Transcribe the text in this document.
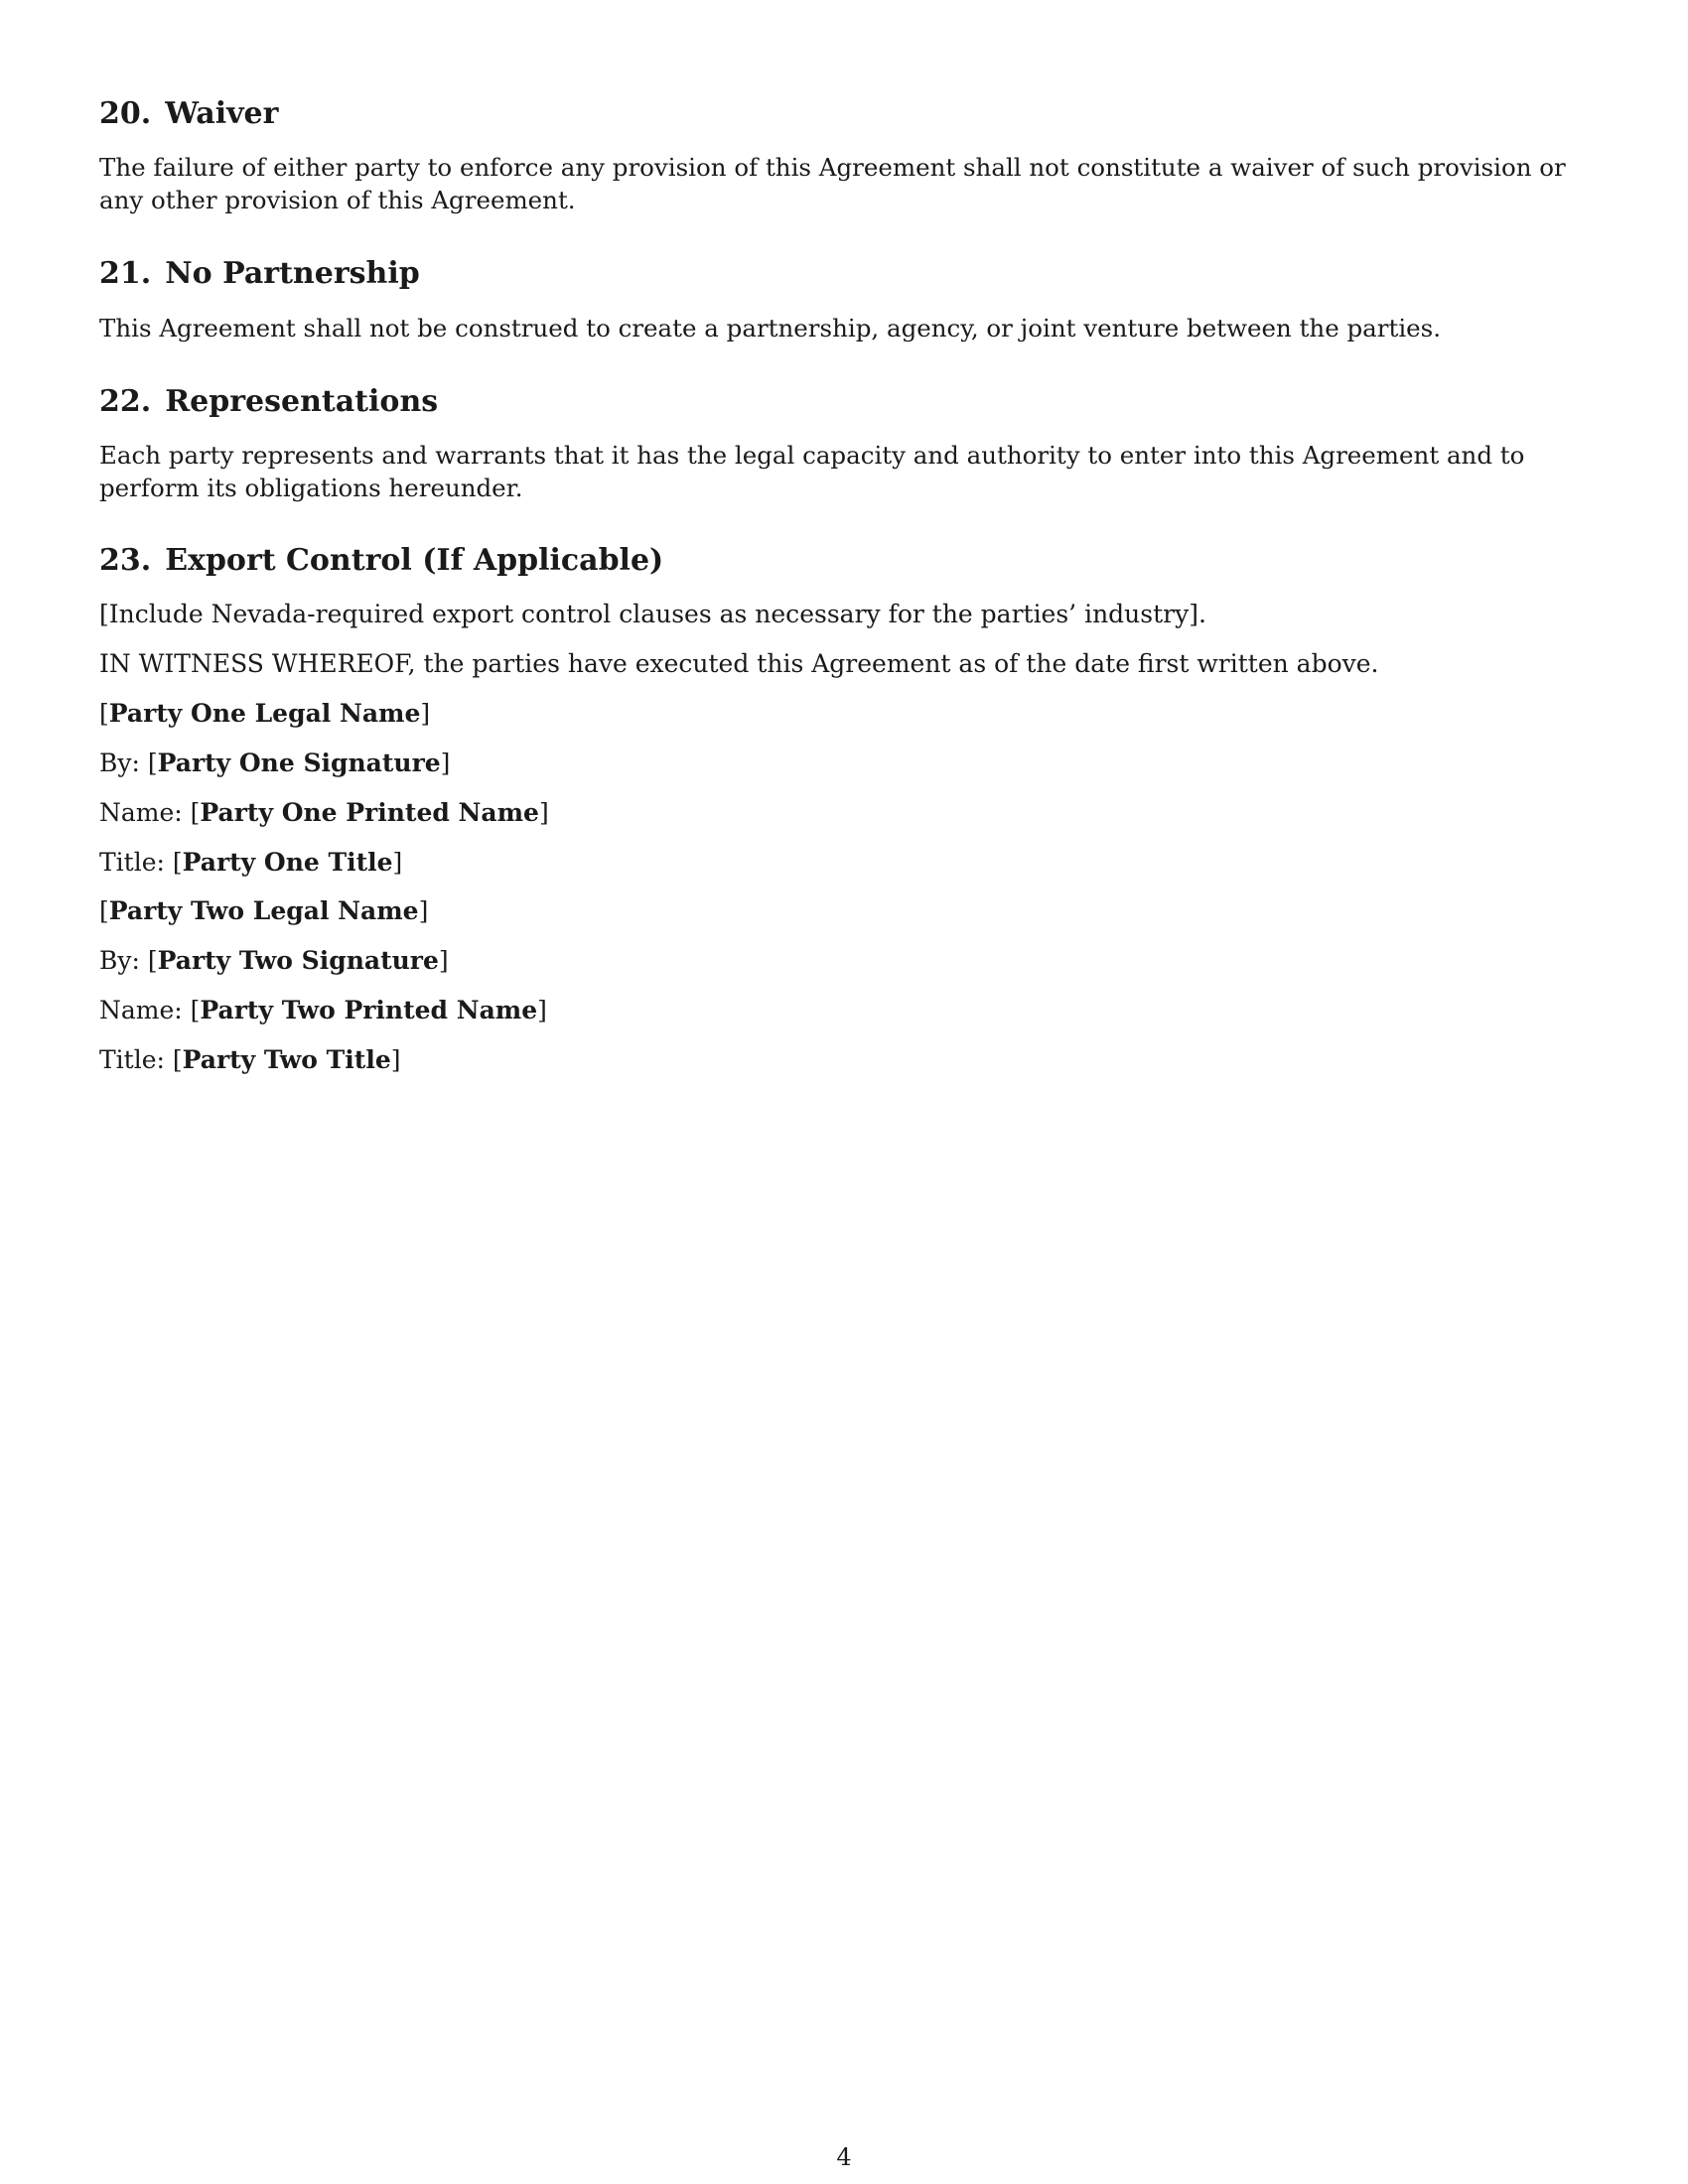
20. Waiver

The failure of either party to enforce any provision of this Agreement shall not constitute a waiver of such provision or any other provision of this Agreement.

21. No Partnership

This Agreement shall not be construed to create a partnership, agency, or joint venture between the parties.

22. Representations

Each party represents and warrants that it has the legal capacity and authority to enter into this Agreement and to perform its obligations hereunder.

23. Export Control (If Applicable)

[Include Nevada-required export control clauses as necessary for the parties’ industry].

IN WITNESS WHEREOF, the parties have executed this Agreement as of the date first written above.

[Party One Legal Name]

By: [Party One Signature]

Name: [Party One Printed Name]

Title: [Party One Title]

[Party Two Legal Name]

By: [Party Two Signature]

Name: [Party Two Printed Name]

Title: [Party Two Title]

4
